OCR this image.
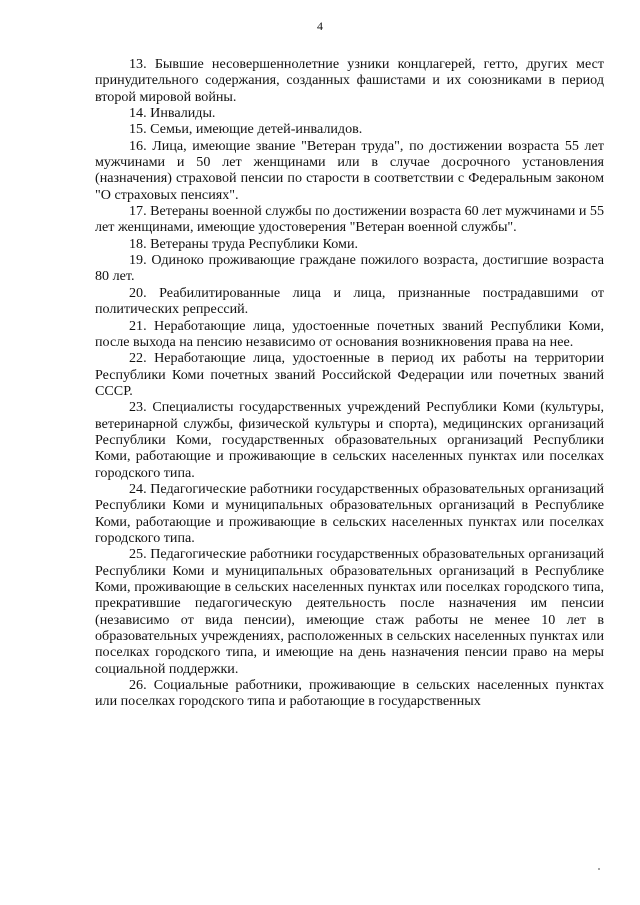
4

13. Бывшие несовершеннолетние узники концлагерей, гетто, других мест принудительного содержания, созданных фашистами и их союзниками в период второй мировой войны.

14. Инвалиды.

15. Семьи, имеющие детей-инвалидов.

16. Лица, имеющие звание "Ветеран труда", по достижении возраста 55 лет мужчинами и 50 лет женщинами или в случае досрочного установления (назначения) страховой пенсии по старости в соответствии с Федеральным законом "О страховых пенсиях".

17. Ветераны военной службы по достижении возраста 60 лет мужчинами и 55 лет женщинами, имеющие удостоверения "Ветеран военной службы".

18. Ветераны труда Республики Коми.

19. Одиноко проживающие граждане пожилого возраста, достигшие возраста 80 лет.

20. Реабилитированные лица и лица, признанные пострадавшими от политических репрессий.

21. Неработающие лица, удостоенные почетных званий Республики Коми, после выхода на пенсию независимо от основания возникновения права на нее.

22. Неработающие лица, удостоенные в период их работы на территории Республики Коми почетных званий Российской Федерации или почетных званий СССР.

23. Специалисты государственных учреждений Республики Коми (культуры, ветеринарной службы, физической культуры и спорта), медицинских организаций Республики Коми, государственных образовательных организаций Республики Коми, работающие и проживающие в сельских населенных пунктах или поселках городского типа.

24. Педагогические работники государственных образовательных организаций Республики Коми и муниципальных образовательных организаций в Республике Коми, работающие и проживающие в сельских населенных пунктах или поселках городского типа.

25. Педагогические работники государственных образовательных организаций Республики Коми и муниципальных образовательных организаций в Республике Коми, проживающие в сельских населенных пунктах или поселках городского типа, прекратившие педагогическую деятельность после назначения им пенсии (независимо от вида пенсии), имеющие стаж работы не менее 10 лет в образовательных учреждениях, расположенных в сельских населенных пунктах или поселках городского типа, и имеющие на день назначения пенсии право на меры социальной поддержки.

26. Социальные работники, проживающие в сельских населенных пунктах или поселках городского типа и работающие в государственных
